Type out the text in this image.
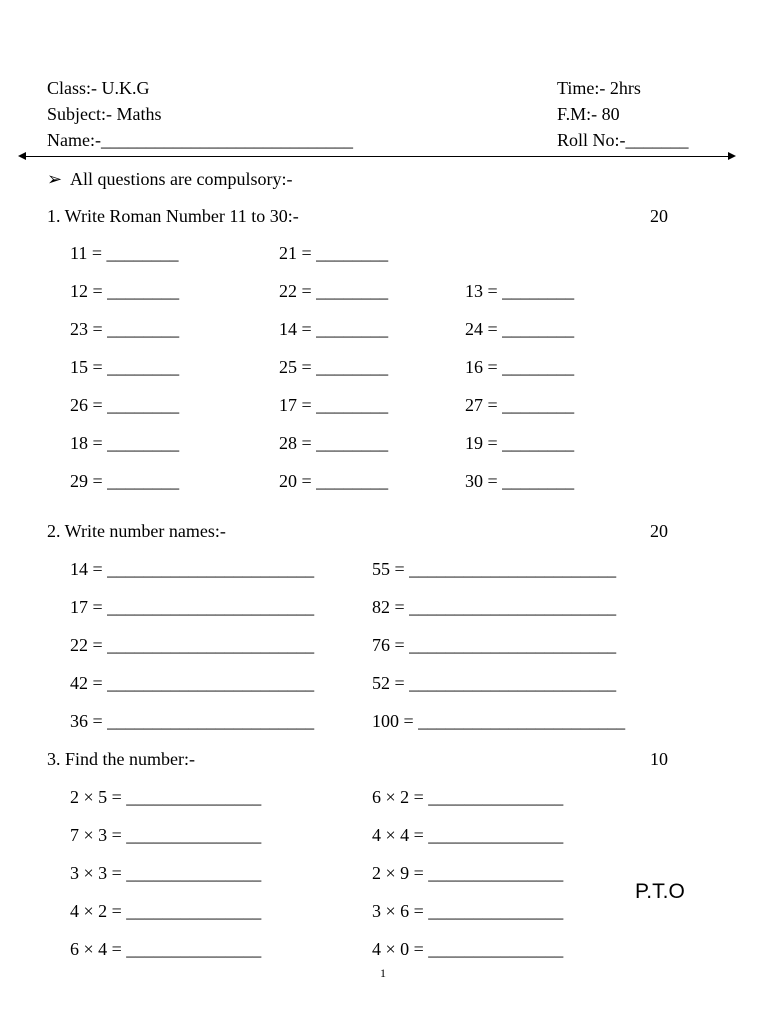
Class:- U.K.G
Subject:- Maths
Name:-____________________________
Time:- 2hrs
F.M:- 80
Roll No:-_______
➢ All questions are compulsory:-
1. Write Roman Number 11 to 30:-	20
11 = ________	21 = ________
12 = ________	22 = ________	13 = ________
23 = ________	14 = ________	24 = ________
15 = ________	25 = ________	16 = ________
26 = ________	17 = ________	27 = ________
18 = ________	28 = ________	19 = ________
29 = ________	20 = ________	30 = ________
2. Write number names:-	20
14 = _______________________	55 = _______________________
17 = _______________________	82 = _______________________
22 = _______________________	76 = _______________________
42 = _______________________	52 = _______________________
36 = _______________________	100 = _______________________
3. Find the number:-	10
2 × 5 = _______________	6 × 2 = _______________
7 × 3 = _______________	4 × 4 = _______________
3 × 3 = _______________	2 × 9 = _______________
4 × 2 = _______________	3 × 6 = _______________
6 × 4 = _______________	4 × 0 = _______________
P.T.O
1
